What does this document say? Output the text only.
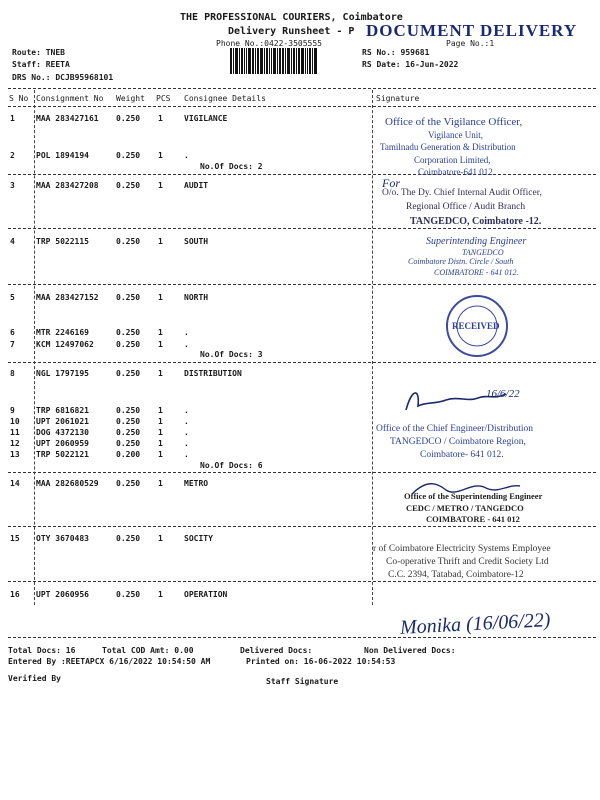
THE PROFESSIONAL COURIERS, Coimbatore
Delivery Runsheet - P
Phone No.:0422-3505555
DOCUMENT DELIVERY
Page No.:1
Route: TNEB
Staff: REETA
DRS No.: DCJB95968101
RS No.: 959681
RS Date: 16-Jun-2022
S No Consignment No Weight PCS Consignee Details	Signature
1	MAA 283427161 0.250 1	VIGILANCE
2	POL 1894194	0.250 1	.
No.Of Docs: 2
3	MAA 283427208 0.250 1	AUDIT
4	TRP 5022115	0.250 1	SOUTH
5	MAA 283427152 0.250 1	NORTH
6	MTR 2246169	0.250 1	.
7	KCM 12497062	0.250 1	.
No.Of Docs: 3
8	NGL 1797195	0.250 1	DISTRIBUTION
9	TRP 6816821	0.250 1	.
10 UPT 2061021	0.250 1	.
11 DOG 4372130	0.250 1	.
12 UPT 2060959	0.250 1	.
13 TRP 5022121	0.200 1	.
No.Of Docs: 6
14 MAA 282680529 0.250 1	METRO
15 OTY 3670483	0.250 1	SOCITY
16 UPT 2060956	0.250 1	OPERATION
Office of the Vigilance Officer,
Vigilance Unit,
Tamilnadu Generation & Distribution
Corporation Limited,
Coimbatore-641 012.
For
O/o. The Dy. Chief Internal Audit Officer,
Regional Office / Audit Branch
TANGEDCO, Coimbatore -12.
Superintending Engineer
TANGEDCO
Coimbatore Distn. Circle / South
COIMBATORE - 641 012.
RECEIVED
16/6/22
Office of the Chief Engineer/Distribution
TANGEDCO / Coimbatore Region,
Coimbatore- 641 012.
Office of the Superintending Engineer
CEDC / METRO / TANGEDCO
COIMBATORE - 641 012
r of Coimbatore Electricity Systems Employee
Co-operative Thrift and Credit Society Ltd
C.C. 2394, Tatabad, Coimbatore-12
Monika (16/06/22)
Total Docs: 16	Total COD Amt: 0.00	Delivered Docs:	Non Delivered Docs:
Entered By :REETAPCX 6/16/2022 10:54:50 AM	Printed on: 16-06-2022 10:54:53
Verified By	Staff Signature
